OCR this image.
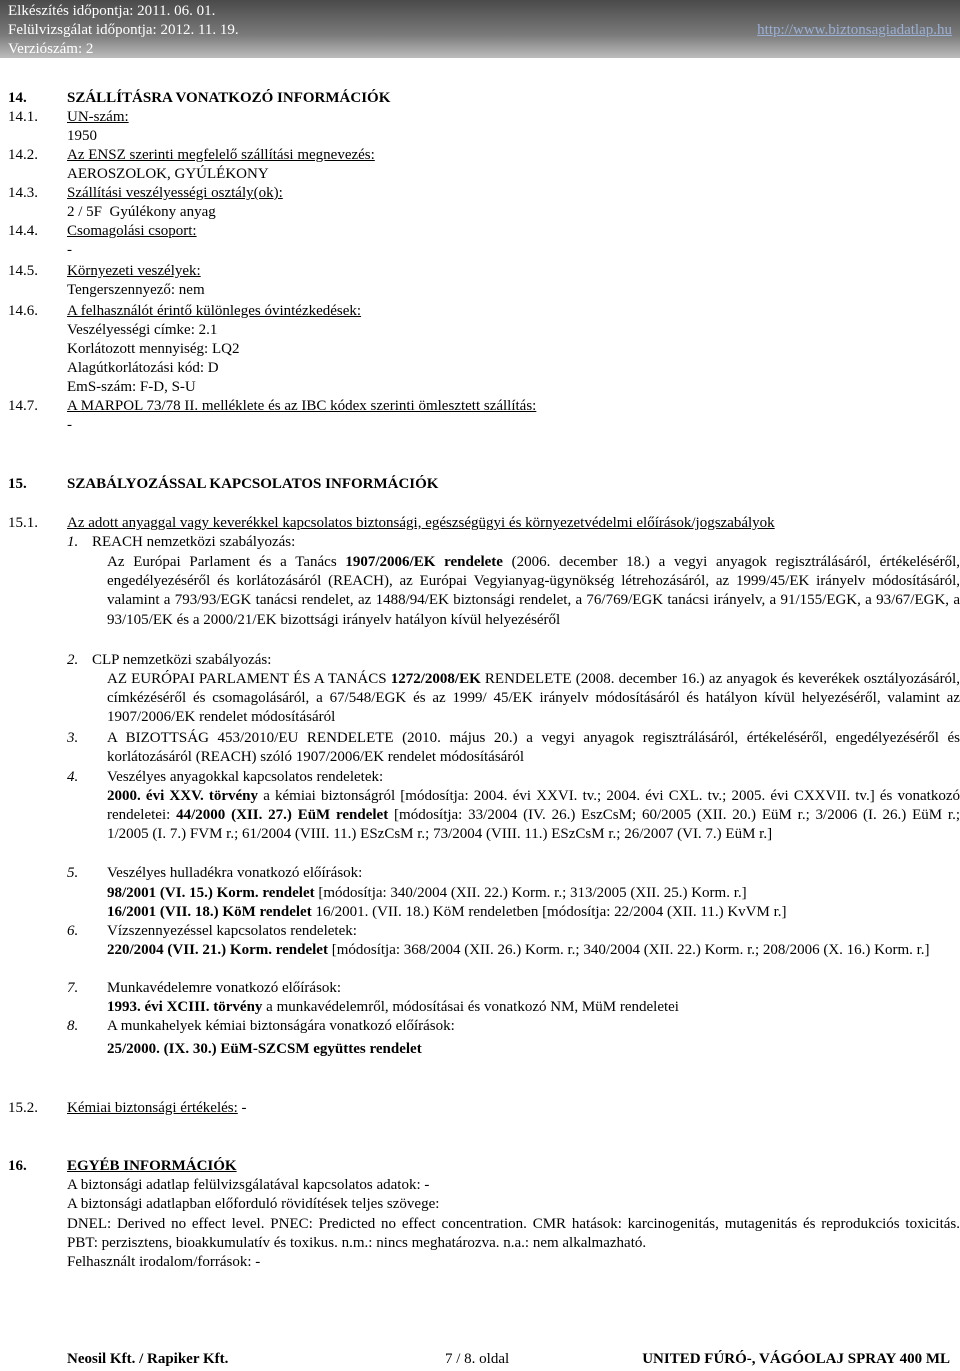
Elkészítés időpontja: 2011. 06. 01.
Felülvizsgálat időpontja: 2012. 11. 19.
Verziószám: 2
http://www.biztonsagiadatlap.hu
14.	SZÁLLÍTÁSRA VONATKOZÓ INFORMÁCIÓK
14.1. UN-szám:
1950
14.2. Az ENSZ szerinti megfelelő szállítási megnevezés:
AEROSZOLOK, GYÚLÉKONY
14.3. Szállítási veszélyességi osztály(ok):
2 / 5F  Gyúlékony anyag
14.4. Csomagolási csoport:
-
14.5. Környezeti veszélyek:
Tengerszennyező: nem
14.6. A felhasználót érintő különleges óvintézkedések:
Veszélyességi címke: 2.1
Korlátozott mennyiség: LQ2
Alagútkorlátozási kód: D
EmS-szám: F-D, S-U
14.7. A MARPOL 73/78 II. melléklete és az IBC kódex szerinti ömlesztett szállítás:
-
15.	SZABÁLYOZÁSSAL KAPCSOLATOS INFORMÁCIÓK
15.1. Az adott anyaggal vagy keverékkel kapcsolatos biztonsági, egészségügyi és környezetvédelmi előírások/jogszabályok
1. REACH nemzetközi szabályozás:
Az Európai Parlament és a Tanács 1907/2006/EK rendelete (2006. december 18.) a vegyi anyagok regisztrálásáról, értékeléséről, engedélyezéséről és korlátozásáról (REACH), az Európai Vegyianyag-ügynökség létrehozásáról, az 1999/45/EK irányelv módosításáról, valamint a 793/93/EGK tanácsi rendelet, az 1488/94/EK biztonsági rendelet, a 76/769/EGK tanácsi irányelv, a 91/155/EGK, a 93/67/EGK, a 93/105/EK és a 2000/21/EK bizottsági irányelv hatályon kívül helyezéséről
2. CLP nemzetközi szabályozás:
AZ EURÓPAI PARLAMENT ÉS A TANÁCS 1272/2008/EK RENDELETE (2008. december 16.) az anyagok és keverékek osztályozásáról, címkézéséről és csomagolásáról, a 67/548/EGK és az 1999/ 45/EK irányelv módosításáról és hatályon kívül helyezéséről, valamint az 1907/2006/EK rendelet módosításáról
3. A BIZOTTSÁG 453/2010/EU RENDELETE (2010. május 20.) a vegyi anyagok regisztrálásáról, értékeléséről, engedélyezéséről és korlátozásáról (REACH) szóló 1907/2006/EK rendelet módosításáról
4. Veszélyes anyagokkal kapcsolatos rendeletek:
2000. évi XXV. törvény a kémiai biztonságról [módosítja: 2004. évi XXVI. tv.; 2004. évi CXL. tv.; 2005. évi CXXVII. tv.] és vonatkozó rendeletei: 44/2000 (XII. 27.) EüM rendelet [módosítja: 33/2004 (IV. 26.) EszCsM; 60/2005 (XII. 20.) EüM r.; 3/2006 (I. 26.) EüM r.; 1/2005 (I. 7.) FVM r.; 61/2004 (VIII. 11.) ESzCsM r.; 73/2004 (VIII. 11.) ESzCsM r.; 26/2007 (VI. 7.) EüM r.]
5. Veszélyes hulladékra vonatkozó előírások:
98/2001 (VI. 15.) Korm. rendelet [módosítja: 340/2004 (XII. 22.) Korm. r.; 313/2005 (XII. 25.) Korm. r.]
16/2001 (VII. 18.) KöM rendelet 16/2001. (VII. 18.) KöM rendeletben [módosítja: 22/2004 (XII. 11.) KvVM r.]
6. Vízszennyezéssel kapcsolatos rendeletek:
220/2004 (VII. 21.) Korm. rendelet [módosítja: 368/2004 (XII. 26.) Korm. r.; 340/2004 (XII. 22.) Korm. r.; 208/2006 (X. 16.) Korm. r.]
7. Munkavédelemre vonatkozó előírások:
1993. évi XCIII. törvény a munkavédelemről, módosításai és vonatkozó NM, MüM rendeletei
8. A munkahelyek kémiai biztonságára vonatkozó előírások:
25/2000. (IX. 30.) EüM-SZCSM együttes rendelet
15.2. Kémiai biztonsági értékelés: -
16.	EGYÉB INFORMÁCIÓK
A biztonsági adatlap felülvizsgálatával kapcsolatos adatok: -
A biztonsági adatlapban előforduló rövidítések teljes szövege:
DNEL: Derived no effect level. PNEC: Predicted no effect concentration. CMR hatások: karcinogenitás, mutagenitás és reprodukciós toxicitás. PBT: perzisztens, bioakkumulatív és toxikus. n.m.: nincs meghatározva. n.a.: nem alkalmazható.
Felhasznált irodalom/források: -
Neosil Kft. / Rapiker Kft.	7 / 8. oldal	UNITED FÚRÓ-, VÁGÓOLAJ SPRAY 400 ML
